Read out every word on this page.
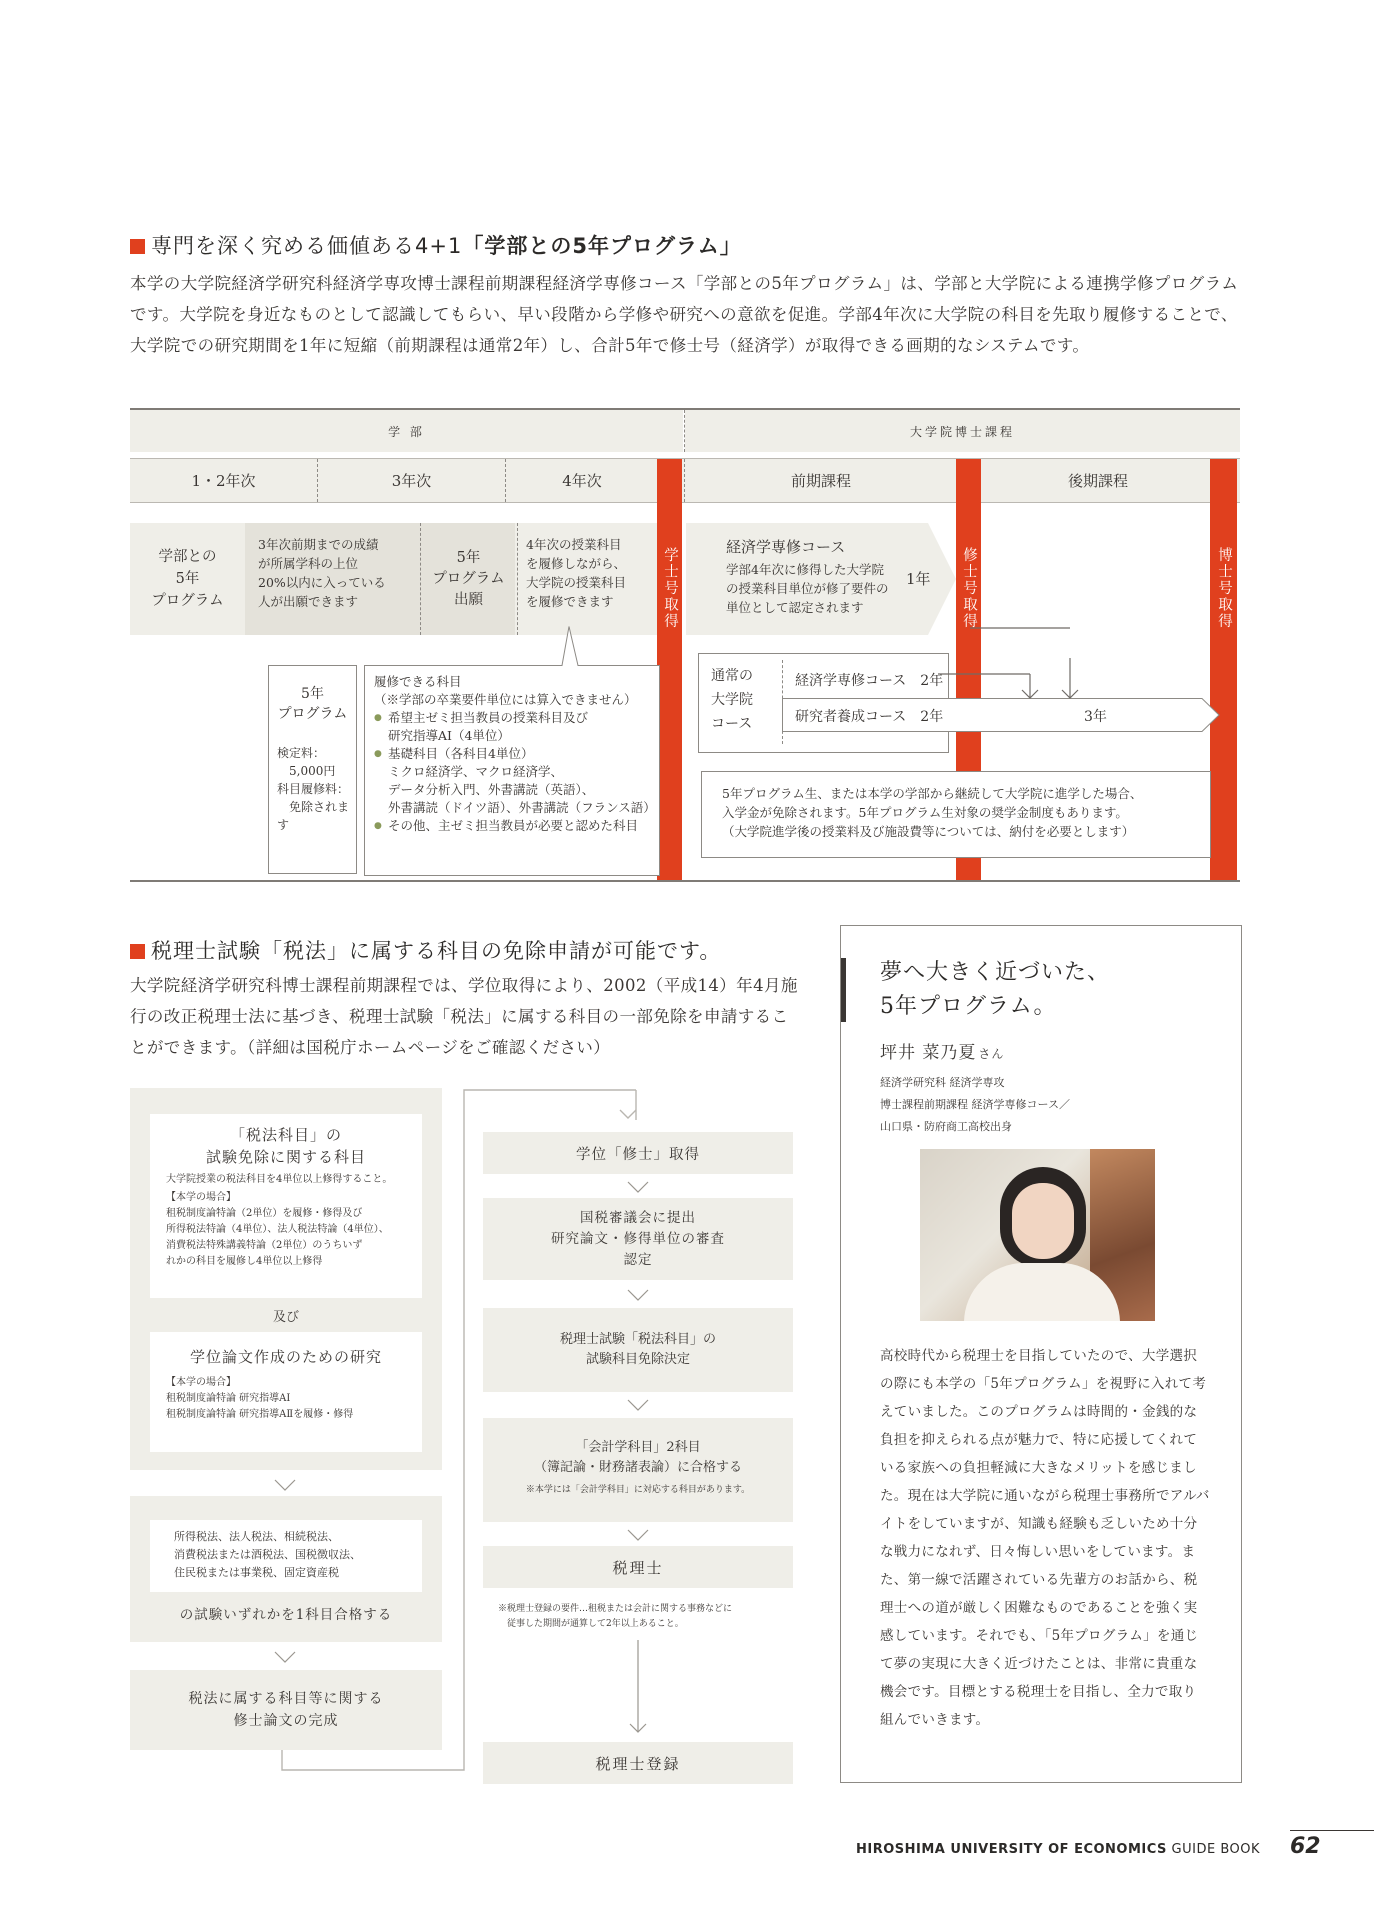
専門を深く究める価値ある4+1「学部との5年プログラム」
本学の大学院経済学研究科経済学専攻博士課程前期課程経済学専修コース「学部との5年プログラム」は、学部と大学院による連携学修プログラムです。大学院を身近なものとして認識してもらい、早い段階から学修や研究への意欲を促進。学部4年次に大学院の科目を先取り履修することで、大学院での研究期間を1年に短縮（前期課程は通常2年）し、合計5年で修士号（経済学）が取得できる画期的なシステムです。
学 部	大学院博士課程
1・2年次	3年次	4年次	前期課程	後期課程
学部との
5年
プログラム
3年次前期までの成績
が所属学科の上位
20%以内に入っている
人が出願できます
5年
プログラム
出願
4年次の授業科目
を履修しながら、
大学院の授業科目
を履修できます	学士号取得	修士号取得	博士号取得
経済学専修コース
学部4年次に修得した大学院
の授業科目単位が修了要件の
単位として認定されます
1年
5年
プログラム
検定料：
　5,000円
科目履修料：
　免除されます
履修できる科目
（※学部の卒業要件単位には算入できません）
● 希望主ゼミ担当教員の授業科目及び
研究指導AⅠ（4単位）
● 基礎科目（各科目4単位）
ミクロ経済学、マクロ経済学、
データ分析入門、外書講読（英語）、
外書講読（ドイツ語）、外書講読（フランス語）
● その他、主ゼミ担当教員が必要と認めた科目
通常の
大学院
コース
経済学専修コース　2年
研究者養成コース　2年	3年
5年プログラム生、または本学の学部から継続して大学院に進学した場合、
入学金が免除されます。5年プログラム生対象の奨学金制度もあります。
（大学院進学後の授業料及び施設費等については、納付を必要とします）
税理士試験「税法」に属する科目の免除申請が可能です。
大学院経済学研究科博士課程前期課程では、学位取得により、2002（平成14）年4月施行の改正税理士法に基づき、税理士試験「税法」に属する科目の一部免除を申請することができます。（詳細は国税庁ホームページをご確認ください）
「税法科目」の
試験免除に関する科目
大学院授業の税法科目を4単位以上修得すること。
【本学の場合】
租税制度論特論（2単位）を履修・修得及び
所得税法特論（4単位）、法人税法特論（4単位）、
消費税法特殊講義特論（2単位）のうちいず
れかの科目を履修し4単位以上修得
及び
学位論文作成のための研究
【本学の場合】
租税制度論特論 研究指導AⅠ
租税制度論特論 研究指導AⅡを履修・修得
所得税法、法人税法、相続税法、
消費税法または酒税法、国税徴収法、
住民税または事業税、固定資産税
の試験いずれかを1科目合格する
税法に属する科目等に関する
修士論文の完成
学位「修士」取得
国税審議会に提出
研究論文・修得単位の審査
認定
税理士試験「税法科目」の
試験科目免除決定
「会計学科目」2科目
（簿記論・財務諸表論）に合格する
※本学には「会計学科目」に対応する科目があります。
税理士
※税理士登録の要件…租税または会計に関する事務などに
　従事した期間が通算して2年以上あること。
税理士登録
夢へ大きく近づいた、
5年プログラム。
坪井 菜乃夏 さん
経済学研究科 経済学専攻
博士課程前期課程 経済学専修コース／
山口県・防府商工高校出身
高校時代から税理士を目指していたので、大学選択の際にも本学の「5年プログラム」を視野に入れて考えていました。このプログラムは時間的・金銭的な負担を抑えられる点が魅力で、特に応援してくれている家族への負担軽減に大きなメリットを感じました。現在は大学院に通いながら税理士事務所でアルバイトをしていますが、知識も経験も乏しいため十分な戦力になれず、日々悔しい思いをしています。また、第一線で活躍されている先輩方のお話から、税理士への道が厳しく困難なものであることを強く実感しています。それでも、「5年プログラム」を通じて夢の実現に大きく近づけたことは、非常に貴重な機会です。目標とする税理士を目指し、全力で取り組んでいきます。
HIROSHIMA UNIVERSITY OF ECONOMICS GUIDE BOOK 62
